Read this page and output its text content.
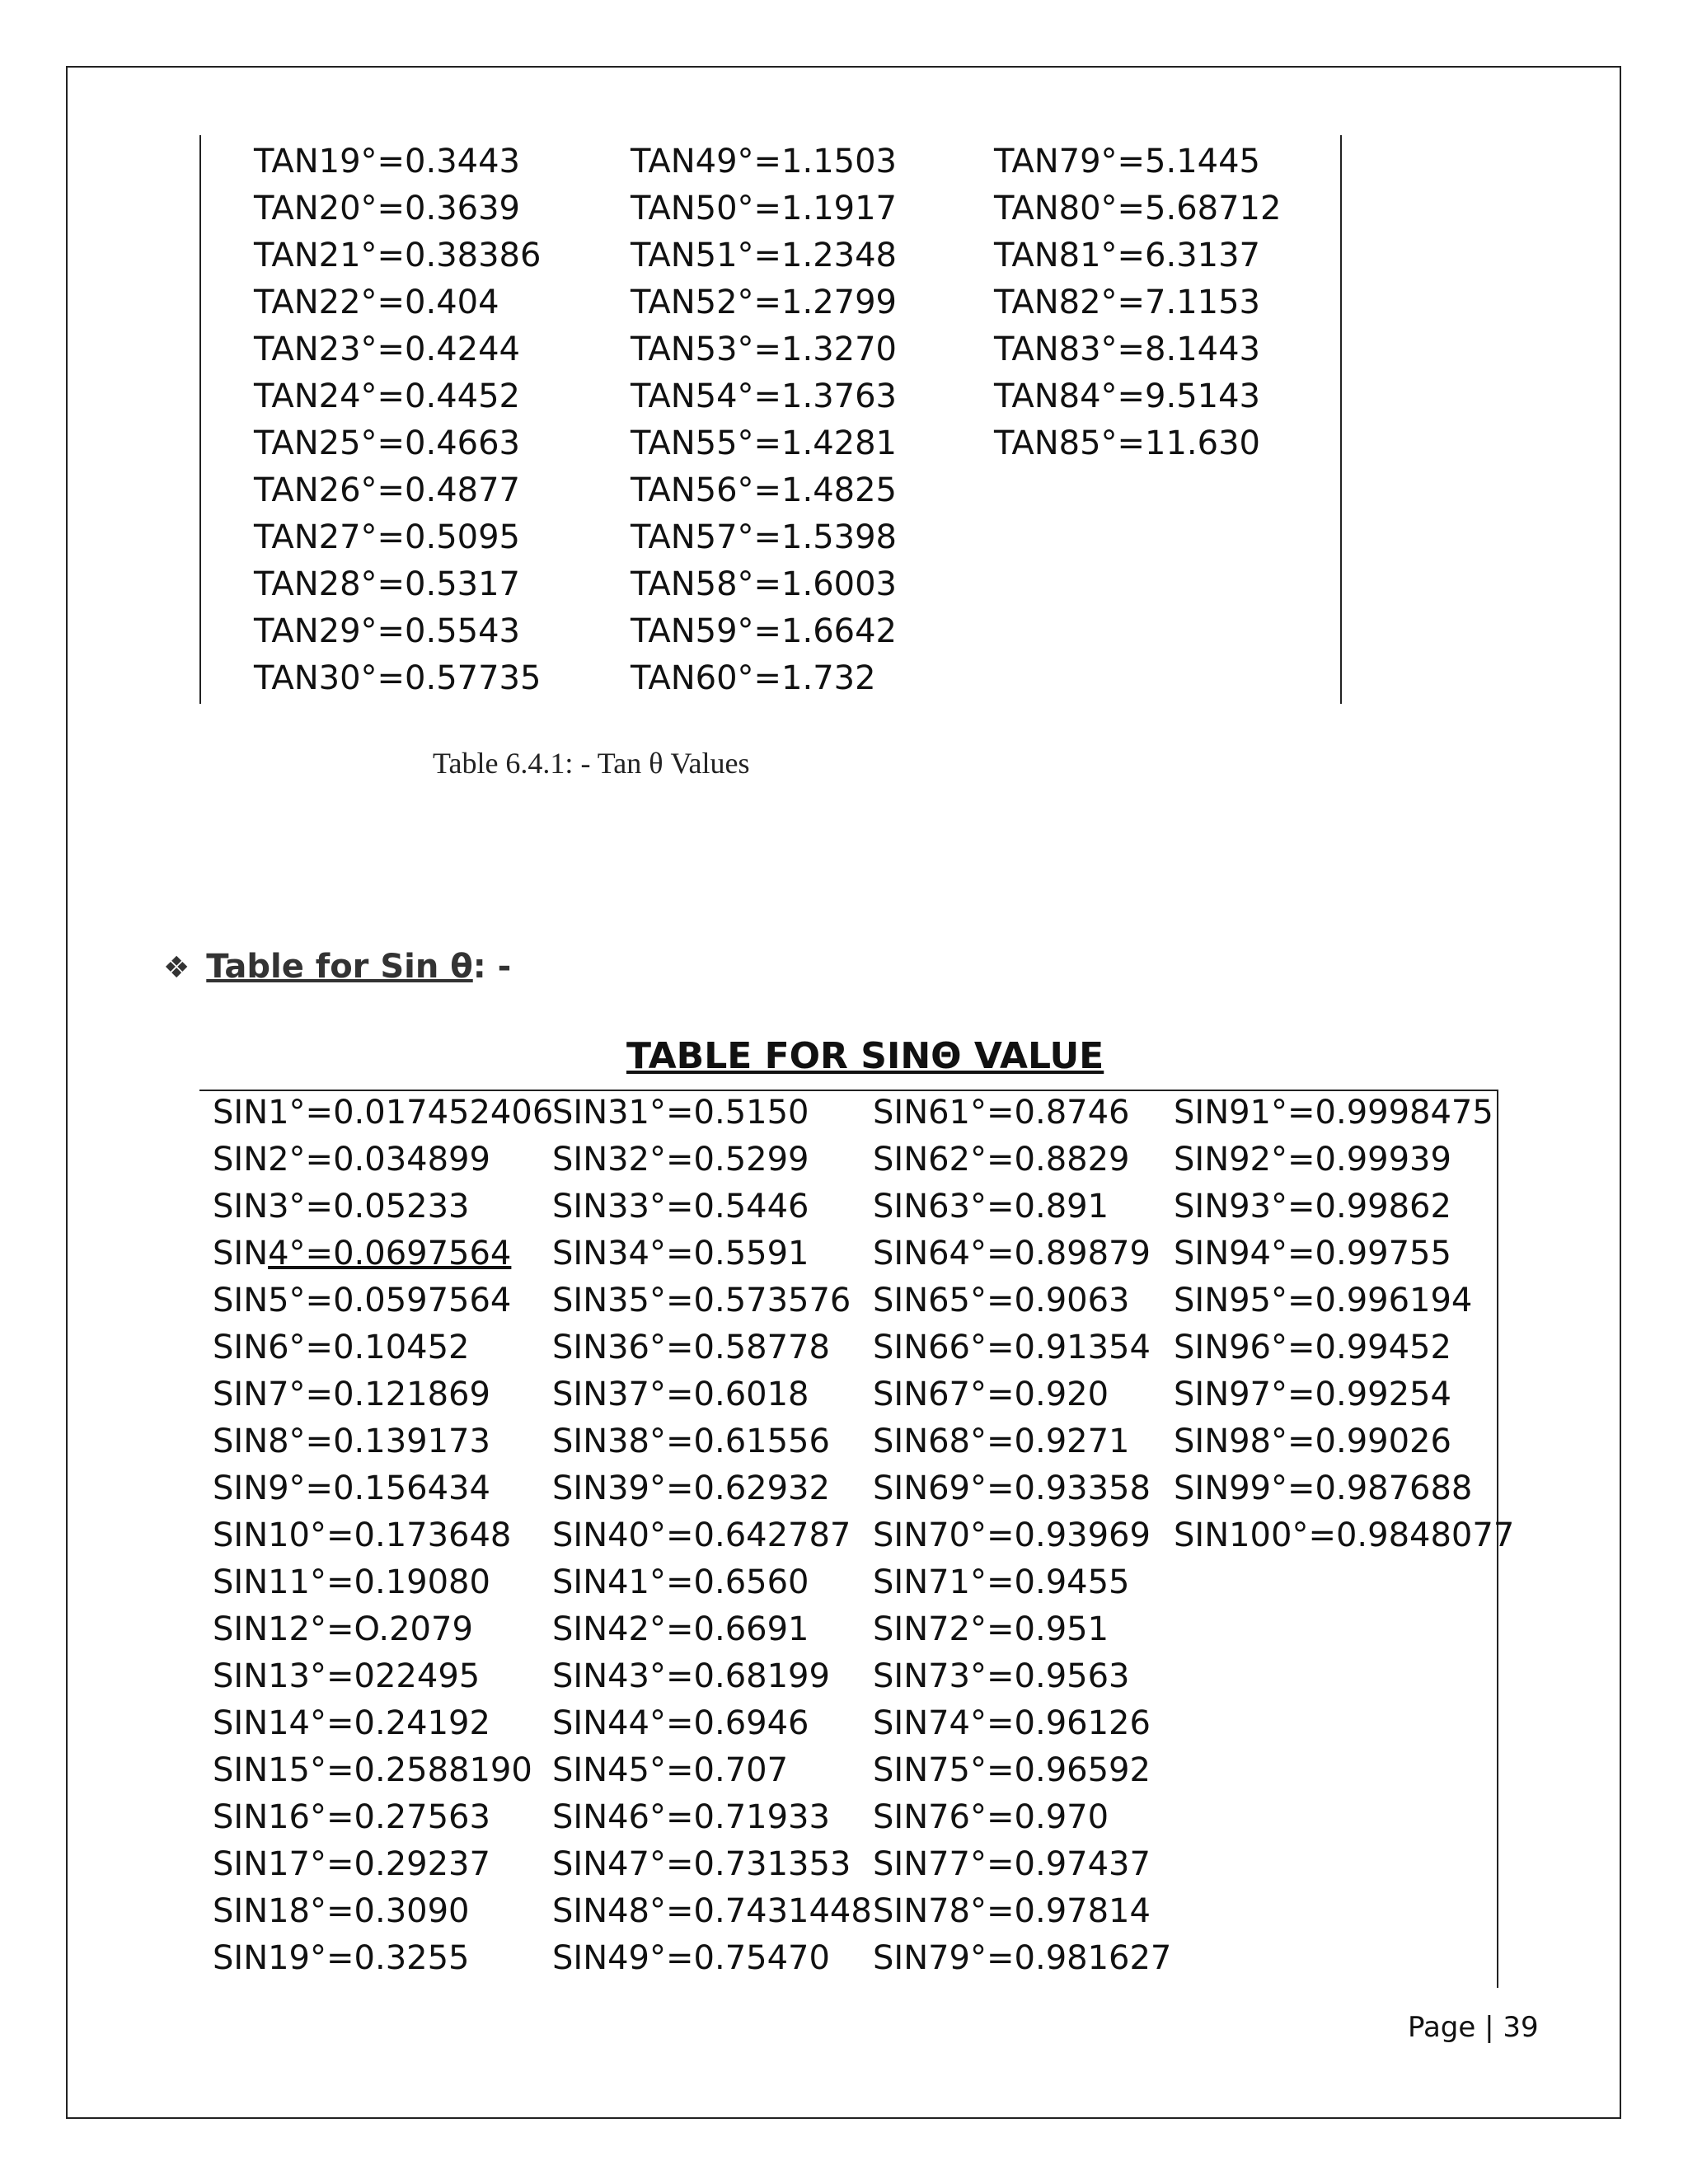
TAN19°=0.3443
TAN20°=0.3639
TAN21°=0.38386
TAN22°=0.404
TAN23°=0.4244
TAN24°=0.4452
TAN25°=0.4663
TAN26°=0.4877
TAN27°=0.5095
TAN28°=0.5317
TAN29°=0.5543
TAN30°=0.57735
TAN49°=1.1503
TAN50°=1.1917
TAN51°=1.2348
TAN52°=1.2799
TAN53°=1.3270
TAN54°=1.3763
TAN55°=1.4281
TAN56°=1.4825
TAN57°=1.5398
TAN58°=1.6003
TAN59°=1.6642
TAN60°=1.732
TAN79°=5.1445
TAN80°=5.68712
TAN81°=6.3137
TAN82°=7.1153
TAN83°=8.1443
TAN84°=9.5143
TAN85°=11.630
Table 6.4.1: - Tan θ Values
❖ Table for Sin θ: -
TABLE FOR SINΘ VALUE
SIN1°=0.017452406
SIN2°=0.034899
SIN3°=0.05233
SIN4°=0.0697564
SIN5°=0.0597564
SIN6°=0.10452
SIN7°=0.121869
SIN8°=0.139173
SIN9°=0.156434
SIN10°=0.173648
SIN11°=0.19080
SIN12°=O.2079
SIN13°=022495
SIN14°=0.24192
SIN15°=0.2588190
SIN16°=0.27563
SIN17°=0.29237
SIN18°=0.3090
SIN19°=0.3255
SIN31°=0.5150
SIN32°=0.5299
SIN33°=0.5446
SIN34°=0.5591
SIN35°=0.573576
SIN36°=0.58778
SIN37°=0.6018
SIN38°=0.61556
SIN39°=0.62932
SIN40°=0.642787
SIN41°=0.6560
SIN42°=0.6691
SIN43°=0.68199
SIN44°=0.6946
SIN45°=0.707
SIN46°=0.71933
SIN47°=0.731353
SIN48°=0.7431448
SIN49°=0.75470
SIN61°=0.8746
SIN62°=0.8829
SIN63°=0.891
SIN64°=0.89879
SIN65°=0.9063
SIN66°=0.91354
SIN67°=0.920
SIN68°=0.9271
SIN69°=0.93358
SIN70°=0.93969
SIN71°=0.9455
SIN72°=0.951
SIN73°=0.9563
SIN74°=0.96126
SIN75°=0.96592
SIN76°=0.970
SIN77°=0.97437
SIN78°=0.97814
SIN79°=0.981627
SIN91°=0.9998475
SIN92°=0.99939
SIN93°=0.99862
SIN94°=0.99755
SIN95°=0.996194
SIN96°=0.99452
SIN97°=0.99254
SIN98°=0.99026
SIN99°=0.987688
SIN100°=0.9848077
Page | 39
